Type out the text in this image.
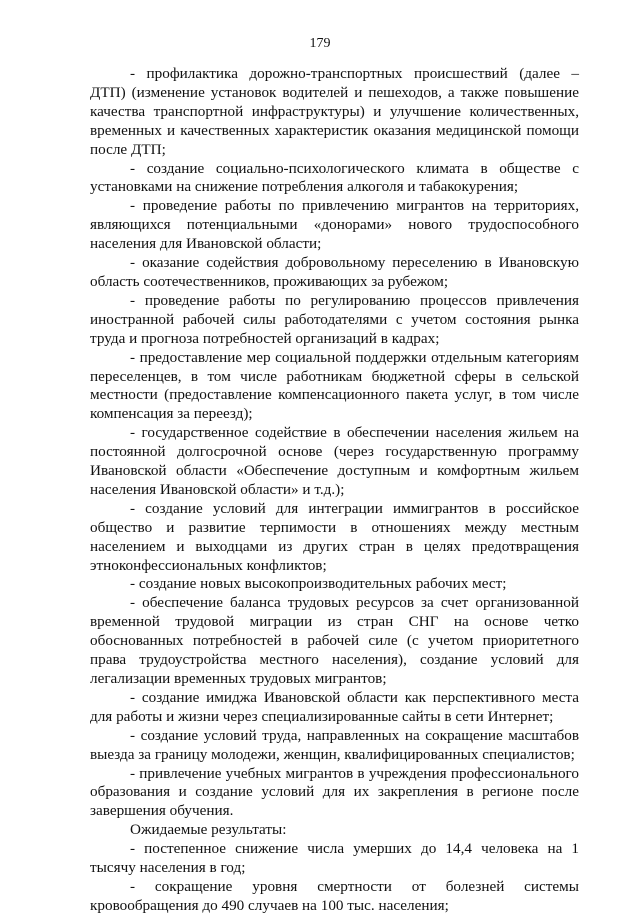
179

- профилактика дорожно-транспортных происшествий (далее – ДТП) (изменение установок водителей и пешеходов, а также повышение качества транспортной инфраструктуры) и улучшение количественных, временных и качественных характеристик оказания медицинской помощи после ДТП;

- создание социально-психологического климата в обществе с установками на снижение потребления алкоголя и табакокурения;

- проведение работы по привлечению мигрантов на территориях, являющихся потенциальными «донорами» нового трудоспособного населения для Ивановской области;

- оказание содействия добровольному переселению в Ивановскую область соотечественников, проживающих за рубежом;

- проведение работы по регулированию процессов привлечения иностранной рабочей силы работодателями с учетом состояния рынка труда и прогноза потребностей организаций в кадрах;

- предоставление мер социальной поддержки отдельным категориям переселенцев, в том числе работникам бюджетной сферы в сельской местности (предоставление компенсационного пакета услуг, в том числе компенсация за переезд);

- государственное содействие в обеспечении населения жильем на постоянной долгосрочной основе (через государственную программу Ивановской области «Обеспечение доступным и комфортным жильем населения Ивановской области» и т.д.);

- создание условий для интеграции иммигрантов в российское общество и развитие терпимости в отношениях между местным населением и выходцами из других стран в целях предотвращения этноконфессиональных конфликтов;

- создание новых высокопроизводительных рабочих мест;

- обеспечение баланса трудовых ресурсов за счет организованной временной трудовой миграции из стран СНГ на основе четко обоснованных потребностей в рабочей силе (с учетом приоритетного права трудоустройства местного населения), создание условий для легализации временных трудовых мигрантов;

- создание имиджа Ивановской области как перспективного места для работы и жизни через специализированные сайты в сети Интернет;

- создание условий труда, направленных на сокращение масштабов выезда за границу молодежи, женщин, квалифицированных специалистов;

- привлечение учебных мигрантов в учреждения профессионального образования и создание условий для их закрепления в регионе после завершения обучения.

Ожидаемые результаты:

- постепенное снижение числа умерших до 14,4 человека на 1 тысячу населения в год;

- сокращение уровня смертности от болезней системы кровообращения до 490 случаев на 100 тыс. населения;
